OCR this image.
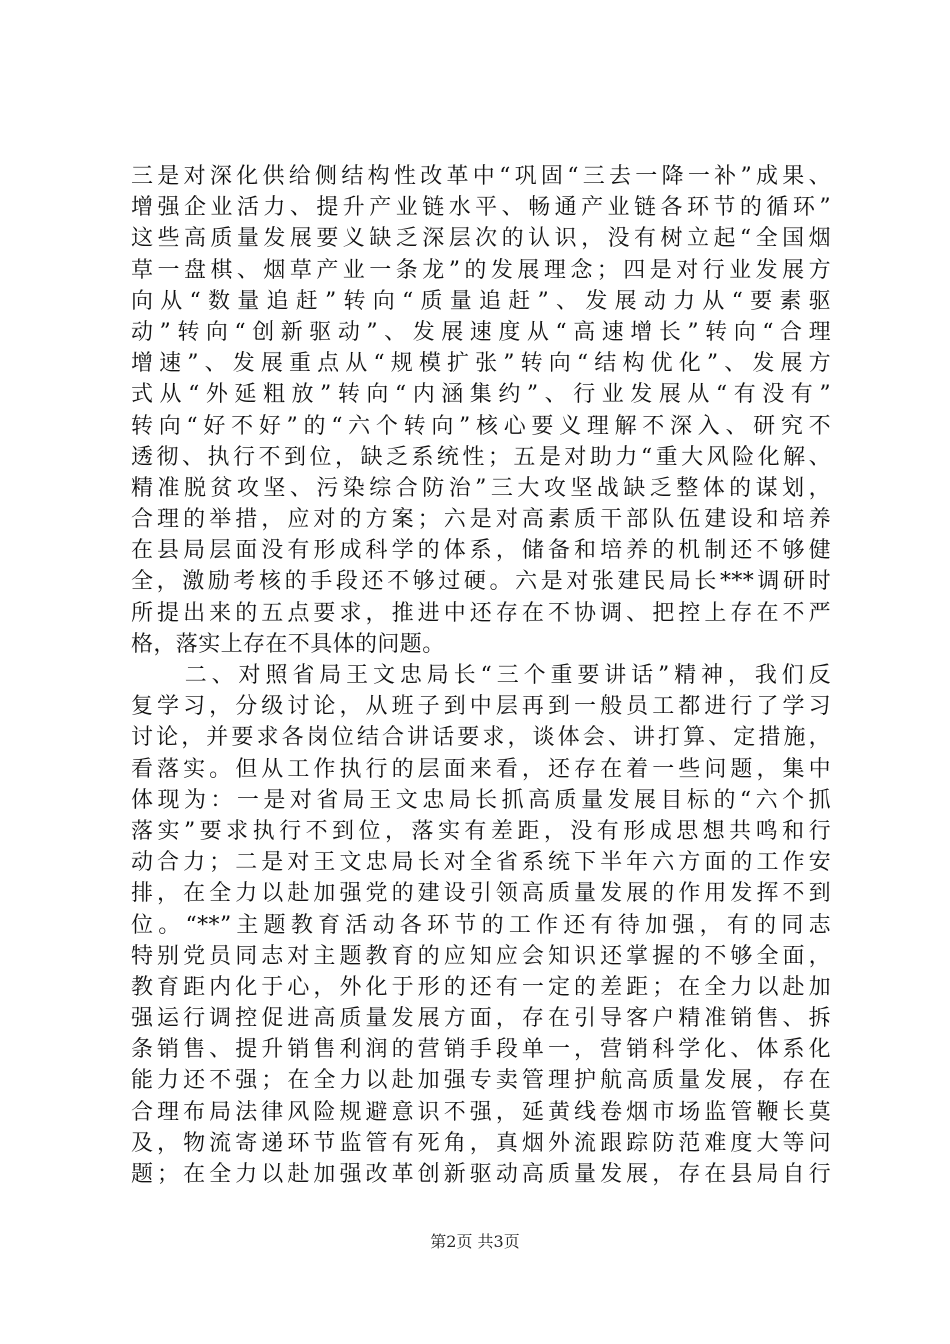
三是对深化供给侧结构性改革中“巩固“三去一降一补”成果、
增强企业活力、提升产业链水平、畅通产业链各环节的循环”
这些高质量发展要义缺乏深层次的认识，没有树立起“全国烟
草一盘棋、烟草产业一条龙”的发展理念；四是对行业发展方
向从“数量追赶”转向“质量追赶”、发展动力从“要素驱
动”转向“创新驱动”、发展速度从“高速增长”转向“合理
增速”、发展重点从“规模扩张”转向“结构优化”、发展方
式从“外延粗放”转向“内涵集约”、行业发展从“有没有”
转向“好不好”的“六个转向”核心要义理解不深入、研究不
透彻、执行不到位，缺乏系统性；五是对助力“重大风险化解、
精准脱贫攻坚、污染综合防治”三大攻坚战缺乏整体的谋划，
合理的举措，应对的方案；六是对高素质干部队伍建设和培养
在县局层面没有形成科学的体系，储备和培养的机制还不够健
全，激励考核的手段还不够过硬。六是对张建民局长***调研时
所提出来的五点要求，推进中还存在不协调、把控上存在不严
格，落实上存在不具体的问题。
　　二、对照省局王文忠局长“三个重要讲话”精神，我们反
复学习，分级讨论，从班子到中层再到一般员工都进行了学习
讨论，并要求各岗位结合讲话要求，谈体会、讲打算、定措施，
看落实。但从工作执行的层面来看，还存在着一些问题，集中
体现为：一是对省局王文忠局长抓高质量发展目标的“六个抓
落实”要求执行不到位，落实有差距，没有形成思想共鸣和行
动合力；二是对王文忠局长对全省系统下半年六方面的工作安
排，在全力以赴加强党的建设引领高质量发展的作用发挥不到
位。“**”主题教育活动各环节的工作还有待加强，有的同志
特别党员同志对主题教育的应知应会知识还掌握的不够全面，
教育距内化于心，外化于形的还有一定的差距；在全力以赴加
强运行调控促进高质量发展方面，存在引导客户精准销售、拆
条销售、提升销售利润的营销手段单一，营销科学化、体系化
能力还不强；在全力以赴加强专卖管理护航高质量发展，存在
合理布局法律风险规避意识不强，延黄线卷烟市场监管鞭长莫
及，物流寄递环节监管有死角，真烟外流跟踪防范难度大等问
题；在全力以赴加强改革创新驱动高质量发展，存在县局自行
第2页 共3页
